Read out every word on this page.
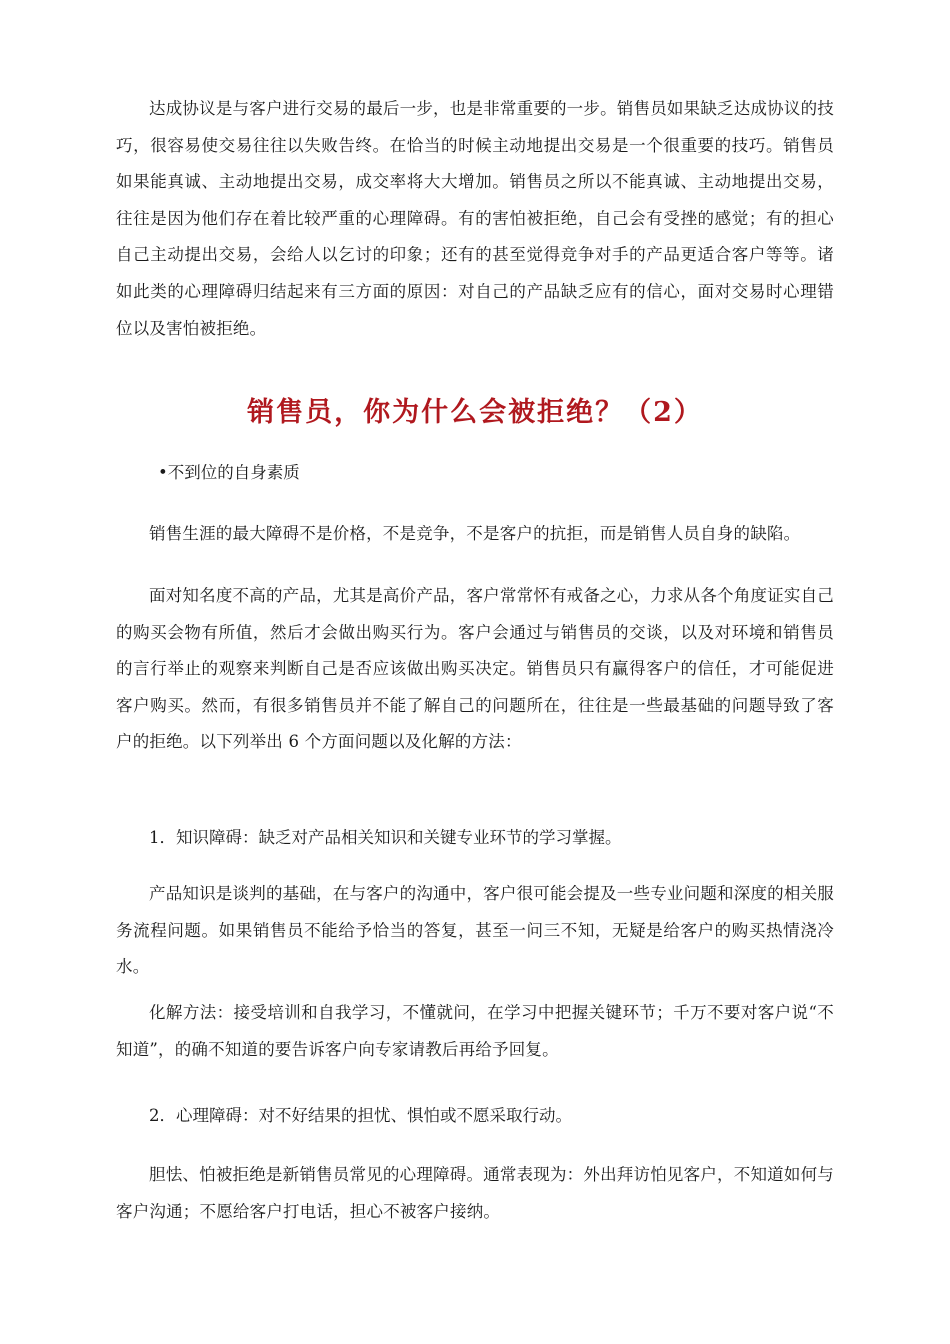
达成协议是与客户进行交易的最后一步，也是非常重要的一步。销售员如果缺乏达成协议的技巧，很容易使交易往往以失败告终。在恰当的时候主动地提出交易是一个很重要的技巧。销售员如果能真诚、主动地提出交易，成交率将大大增加。销售员之所以不能真诚、主动地提出交易，往往是因为他们存在着比较严重的心理障碍。有的害怕被拒绝，自己会有受挫的感觉；有的担心自己主动提出交易，会给人以乞讨的印象；还有的甚至觉得竞争对手的产品更适合客户等等。诸如此类的心理障碍归结起来有三方面的原因：对自己的产品缺乏应有的信心，面对交易时心理错位以及害怕被拒绝。

销售员，你为什么会被拒绝？（2）

•不到位的自身素质

销售生涯的最大障碍不是价格，不是竞争，不是客户的抗拒，而是销售人员自身的缺陷。

面对知名度不高的产品，尤其是高价产品，客户常常怀有戒备之心，力求从各个角度证实自己的购买会物有所值，然后才会做出购买行为。客户会通过与销售员的交谈，以及对环境和销售员的言行举止的观察来判断自己是否应该做出购买决定。销售员只有赢得客户的信任，才可能促进客户购买。然而，有很多销售员并不能了解自己的问题所在，往往是一些最基础的问题导致了客户的拒绝。以下列举出 6 个方面问题以及化解的方法：

1．知识障碍：缺乏对产品相关知识和关键专业环节的学习掌握。

产品知识是谈判的基础，在与客户的沟通中，客户很可能会提及一些专业问题和深度的相关服务流程问题。如果销售员不能给予恰当的答复，甚至一问三不知，无疑是给客户的购买热情浇冷水。

化解方法：接受培训和自我学习，不懂就问，在学习中把握关键环节；千万不要对客户说“不知道”，的确不知道的要告诉客户向专家请教后再给予回复。

2．心理障碍：对不好结果的担忧、惧怕或不愿采取行动。

胆怯、怕被拒绝是新销售员常见的心理障碍。通常表现为：外出拜访怕见客户，不知道如何与客户沟通；不愿给客户打电话，担心不被客户接纳。
